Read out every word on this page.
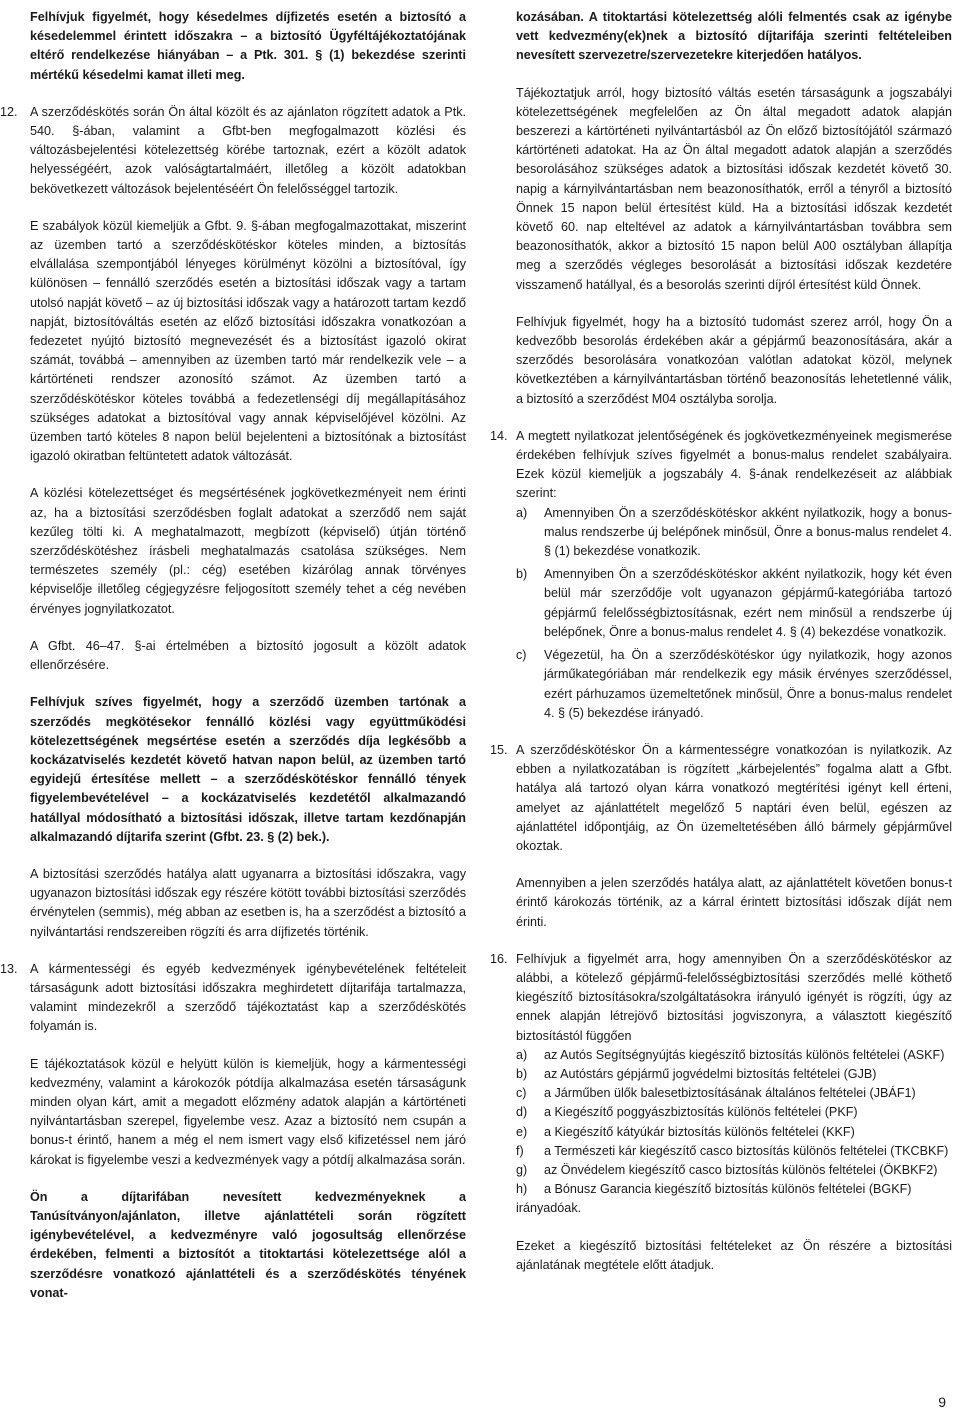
Felhívjuk figyelmét, hogy késedelmes díjfizetés esetén a biztosító a késedelemmel érintett időszakra – a biztosító Ügyféltájékoztatójának eltérő rendelkezése hiányában – a Ptk. 301. § (1) bekezdése szerinti mértékű késedelmi kamat illeti meg.

12. A szerződéskötés során Ön által közölt és az ajánlaton rögzített adatok a Ptk. 540. §-ában, valamint a Gfbt-ben megfogalmazott közlési és változásbejelentési kötelezettség körébe tartoznak, ezért a közölt adatok helyességéért, azok valóságtartalmáért, illetőleg a közölt adatokban bekövetkezett változások bejelentéséért Ön felelősséggel tartozik.

E szabályok közül kiemeljük a Gfbt. 9. §-ában megfogalmazottakat, miszerint az üzemben tartó a szerződéskötéskor köteles minden, a biztosítás elvállalása szempontjából lényeges körülményt közölni a biztosítóval, így különösen – fennálló szerződés esetén a biztosítási időszak vagy a tartam utolsó napját követő – az új biztosítási időszak vagy a határozott tartam kezdő napját, biztosítóváltás esetén az előző biztosítási időszakra vonatkozóan a fedezetet nyújtó biztosító megnevezését és a biztosítást igazoló okirat számát, továbbá – amennyiben az üzemben tartó már rendelkezik vele – a kártörténeti rendszer azonosító számot. Az üzemben tartó a szerződéskötéskor köteles továbbá a fedezetlenségi díj megállapításához szükséges adatokat a biztosítóval vagy annak képviselőjével közölni. Az üzemben tartó köteles 8 napon belül bejelenteni a biztosítónak a biztosítást igazoló okiratban feltüntetett adatok változását.

A közlési kötelezettséget és megsértésének jogkövetkezményeit nem érinti az, ha a biztosítási szerződésben foglalt adatokat a szerződő nem saját kezűleg tölti ki. A meghatalmazott, megbízott (képviselő) útján történő szerződéskötéshez írásbeli meghatalmazás csatolása szükséges. Nem természetes személy (pl.: cég) esetében kizárólag annak törvényes képviselője illetőleg cégjegyzésre feljogosított személy tehet a cég nevében érvényes jognyilatkozatot.

A Gfbt. 46–47. §-ai értelmében a biztosító jogosult a közölt adatok ellenőrzésére.

Felhívjuk szíves figyelmét, hogy a szerződő üzemben tartónak a szerződés megkötésekor fennálló közlési vagy együttműködési kötelezettségének megsértése esetén a szerződés díja legkésőbb a kockázatviselés kezdetét követő hatvan napon belül, az üzemben tartó egyidejű értesítése mellett – a szerződéskötéskor fennálló tények figyelembevételével – a kockázatviselés kezdetétől alkalmazandó hatállyal módosítható a biztosítási időszak, illetve tartam kezdőnapján alkalmazandó díjtarifa szerint (Gfbt. 23. § (2) bek.).

A biztosítási szerződés hatálya alatt ugyanarra a biztosítási időszakra, vagy ugyanazon biztosítási időszak egy részére kötött további biztosítási szerződés érvénytelen (semmis), még abban az esetben is, ha a szerződést a biztosító a nyilvántartási rendszereiben rögzíti és arra díjfizetés történik.

13. A kármentességi és egyéb kedvezmények igénybevételének feltételeit társaságunk adott biztosítási időszakra meghirdetett díjtarifája tartalmazza, valamint mindezekről a szerződő tájékoztatást kap a szerződéskötés folyamán is.

E tájékoztatások közül e helyütt külön is kiemeljük, hogy a kármentességi kedvezmény, valamint a károkozók pótdíja alkalmazása esetén társaságunk minden olyan kárt, amit a megadott előzmény adatok alapján a kártörténeti nyilvántartásban szerepel, figyelembe vesz. Azaz a biztosító nem csupán a bonus-t érintő, hanem a még el nem ismert vagy első kifizetéssel nem járó károkat is figyelembe veszi a kedvezmények vagy a pótdíj alkalmazása során.

Ön a díjtarifában nevesített kedvezményeknek a Tanúsítványon/ajánlaton, illetve ajánlattételi során rögzített igénybevételével, a kedvezményre való jogosultság ellenőrzése érdekében, felmenti a biztosítót a titoktartási kötelezettsége alól a szerződésre vonatkozó ajánlattételi és a szerződéskötés tényének vonat-

kozásában. A titoktartási kötelezettség alóli felmentés csak az igénybe vett kedvezmény(ek)nek a biztosító díjtarifája szerinti feltételeiben nevesített szervezetre/szervezetekre kiterjedően hatályos.

Tájékoztatjuk arról, hogy biztosító váltás esetén társaságunk a jogszabályi kötelezettségének megfelelően az Ön által megadott adatok alapján beszerezi a kártörténeti nyilvántartásból az Ön előző biztosítójától származó kártörténeti adatokat. Ha az Ön által megadott adatok alapján a szerződés besorolásához szükséges adatok a biztosítási időszak kezdetét követő 30. napig a kárnyilvántartásban nem beazonosíthatók, erről a tényről a biztosító Önnek 15 napon belül értesítést küld. Ha a biztosítási időszak kezdetét követő 60. nap elteltével az adatok a kárnyilvántartásban továbbra sem beazonosíthatók, akkor a biztosító 15 napon belül A00 osztályban állapítja meg a szerződés végleges besorolását a biztosítási időszak kezdetére visszamenő hatállyal, és a besorolás szerinti díjról értesítést küld Önnek.

Felhívjuk figyelmét, hogy ha a biztosító tudomást szerez arról, hogy Ön a kedvezőbb besorolás érdekében akár a gépjármű beazonosítására, akár a szerződés besorolására vonatkozóan valótlan adatokat közöl, melynek következtében a kárnyilvántartásban történő beazonosítás lehetetlenné válik, a biztosító a szerződést M04 osztályba sorolja.

14. A megtett nyilatkozat jelentőségének és jogkövetkezményeinek megismerése érdekében felhívjuk szíves figyelmét a bonus-malus rendelet szabályaira. Ezek közül kiemeljük a jogszabály 4. §-ának rendelkezéseit az alábbiak szerint:

a) Amennyiben Ön a szerződéskötéskor akként nyilatkozik, hogy a bonus-malus rendszerbe új belépőnek minősül, Önre a bonus-malus rendelet 4. § (1) bekezdése vonatkozik.
b) Amennyiben Ön a szerződéskötéskor akként nyilatkozik, hogy két éven belül már szerződője volt ugyanazon gépjármű-kategóriába tartozó gépjármű felelősségbiztosításnak, ezért nem minősül a rendszerbe új belépőnek, Önre a bonus-malus rendelet 4. § (4) bekezdése vonatkozik.
c) Végezetül, ha Ön a szerződéskötéskor úgy nyilatkozik, hogy azonos járműkategóriában már rendelkezik egy másik érvényes szerződéssel, ezért párhuzamos üzemeltetőnek minősül, Önre a bonus-malus rendelet 4. § (5) bekezdése irányadó.
15. A szerződéskötéskor Ön a kármentességre vonatkozóan is nyilatkozik. Az ebben a nyilatkozatában is rögzített „kárbejelentés” fogalma alatt a Gfbt. hatálya alá tartozó olyan kárra vonatkozó megtérítési igényt kell érteni, amelyet az ajánlattételt megelőző 5 naptári éven belül, egészen az ajánlattétel időpontjáig, az Ön üzemeltetésében álló bármely gépjárművel okoztak.

Amennyiben a jelen szerződés hatálya alatt, az ajánlattételt követően bonus-t érintő károkozás történik, az a kárral érintett biztosítási időszak díját nem érinti.

16. Felhívjuk a figyelmét arra, hogy amennyiben Ön a szerződéskötéskor az alábbi, a kötelező gépjármű-felelősségbiztosítási szerződés mellé köthető kiegészítő biztosításokra/szolgáltatásokra irányuló igényét is rögzíti, úgy az ennek alapján létrejövő biztosítási jogviszonyra, a választott kiegészítő biztosítástól függően

a) az Autós Segítségnyújtás kiegészítő biztosítás különös feltételei (ASKF)
b) az Autóstárs gépjármű jogvédelmi biztosítás feltételei (GJB)
c) a Járműben ülők balesetbiztosításának általános feltételei (JBÁF1)
d) a Kiegészítő poggyászbiztosítás különös feltételei (PKF)
e) a Kiegészítő kátyúkár biztosítás különös feltételei (KKF)
f) a Természeti kár kiegészítő casco biztosítás különös feltételei (TKCBKF)
g) az Önvédelem kiegészítő casco biztosítás különös feltételei (ÖKBKF2)
h) a Bónusz Garancia kiegészítő biztosítás különös feltételei (BGKF)

irányadóak.

Ezeket a kiegészítő biztosítási feltételeket az Ön részére a biztosítási ajánlatának megtétele előtt átadjuk.

9
